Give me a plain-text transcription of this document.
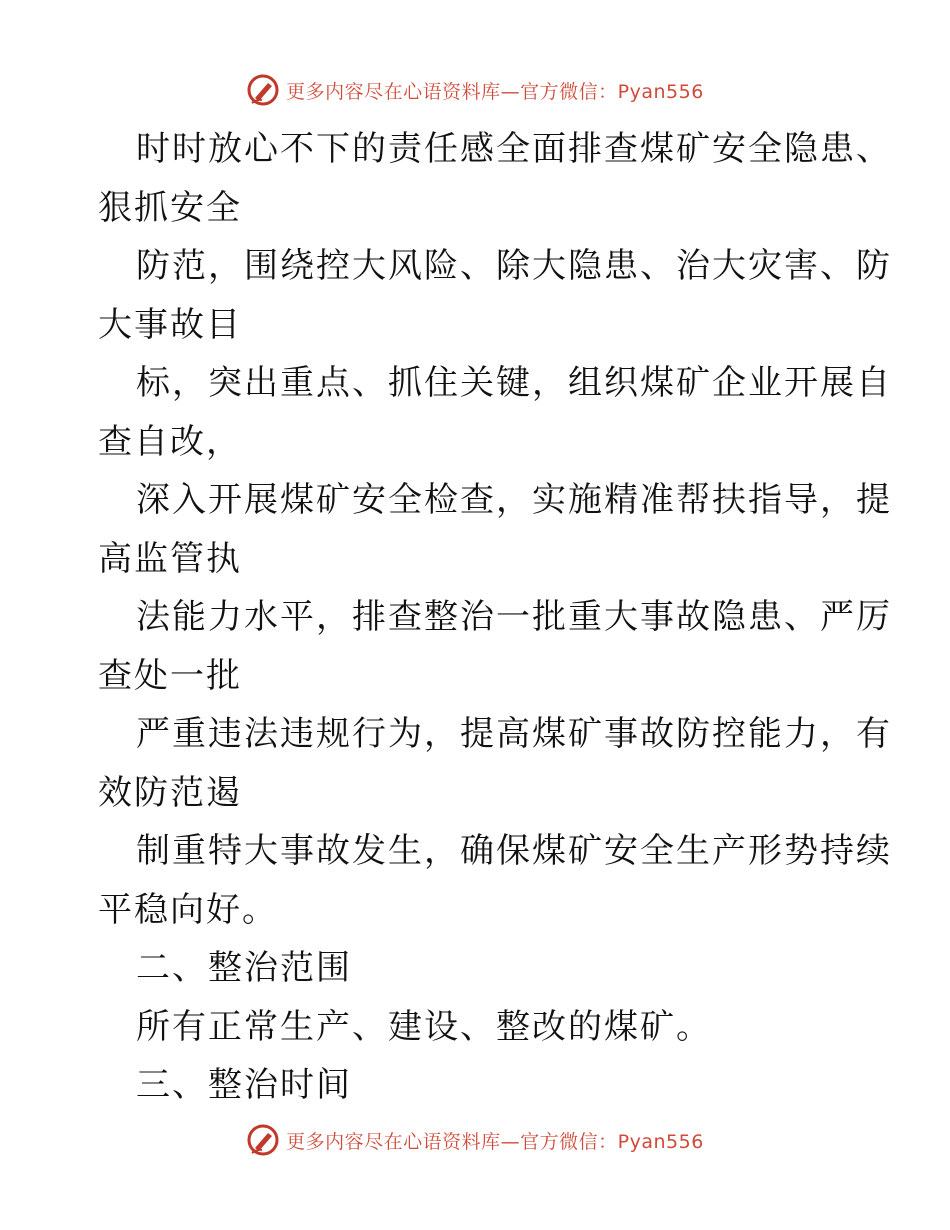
更多内容尽在心语资料库—官方微信：Pyan556
时时放心不下的责任感全面排查煤矿安全隐患、
狠抓安全
防范，围绕控大风险、除大隐患、治大灾害、防
大事故目
标，突出重点、抓住关键，组织煤矿企业开展自
查自改，
深入开展煤矿安全检查，实施精准帮扶指导，提
高监管执
法能力水平，排查整治一批重大事故隐患、严厉
查处一批
严重违法违规行为，提高煤矿事故防控能力，有
效防范遏
制重特大事故发生，确保煤矿安全生产形势持续
平稳向好。
二、整治范围
所有正常生产、建设、整改的煤矿。
三、整治时间
更多内容尽在心语资料库—官方微信：Pyan556
